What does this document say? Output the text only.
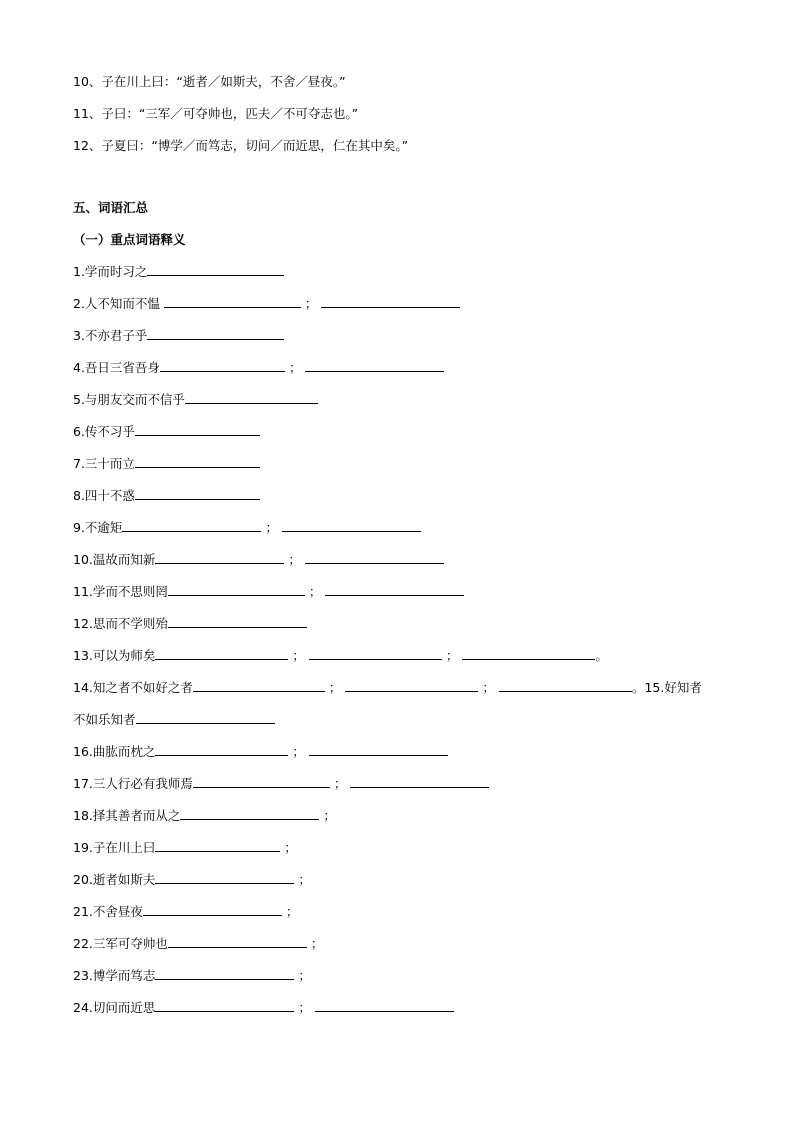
10、子在川上曰：“逝者／如斯夫，不舍／昼夜。”
11、子曰：“三军／可夺帅也，匹夫／不可夺志也。”
12、子夏曰：“博学／而笃志，切问／而近思，仁在其中矣。”
五、词语汇总
（一）重点词语释义
1.学而时习之
2.人不知而不愠	；
3.不亦君子乎
4.吾日三省吾身	；
5.与朋友交而不信乎
6.传不习乎
7.三十而立
8.四十不惑
9.不逾矩	；
10.温故而知新	；
11.学而不思则罔	；
12.思而不学则殆
13.可以为师矣	；	；	。
14.知之者不如好之者	；	；	。15.好知者
不如乐知者
16.曲肱而枕之	；
17.三人行必有我师焉	；
18.择其善者而从之	；
19.子在川上曰	；
20.逝者如斯夫	；
21.不舍昼夜	；
22.三军可夺帅也	；
23.博学而笃志	；
24.切问而近思	；
